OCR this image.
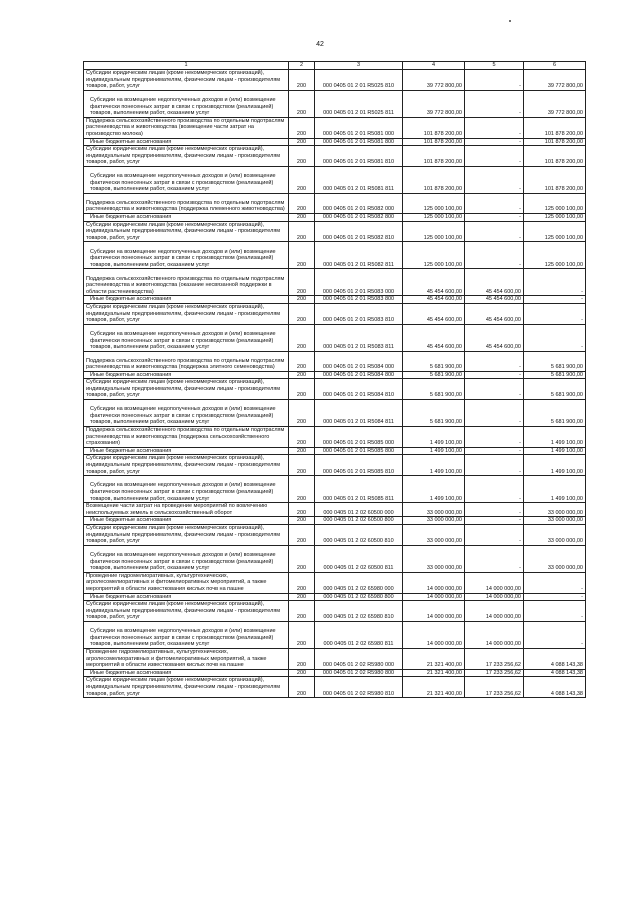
42
1	2	3	4	5	6
Субсидии юридическим лицам (кроме некоммерческих организаций), индивидуальным предпринимателям, физическим лицам - производителям товаров, работ, услуг	200	000 0405 01 2 01 R5025 810	39 772 800,00	-	39 772 800,00
Субсидии на возмещение недополученных доходов и (или) возмещение фактически понесенных затрат в связи с производством (реализацией) товаров, выполнением работ, оказанием услуг	200	000 0405 01 2 01 R5025 811	39 772 800,00	-	39 772 800,00
Поддержка сельскохозяйственного производства по отдельным подотраслям растениеводства и животноводства (возмещение части затрат на производство молока)	200	000 0405 01 2 01 R5081 000	101 878 200,00	-	101 878 200,00
Иные бюджетные ассигнования	200	000 0405 01 2 01 R5081 800	101 878 200,00	-	101 878 200,00
Субсидии юридическим лицам (кроме некоммерческих организаций), индивидуальным предпринимателям, физическим лицам - производителям товаров, работ, услуг	200	000 0405 01 2 01 R5081 810	101 878 200,00	-	101 878 200,00
Субсидии на возмещение недополученных доходов и (или) возмещение фактически понесенных затрат в связи с производством (реализацией) товаров, выполнением работ, оказанием услуг	200	000 0405 01 2 01 R5081 811	101 878 200,00	-	101 878 200,00
Поддержка сельскохозяйственного производства по отдельным подотраслям растениеводства и животноводства (поддержка племенного животноводства)	200	000 0405 01 2 01 R5082 000	125 000 100,00	-	125 000 100,00
Иные бюджетные ассигнования	200	000 0405 01 2 01 R5082 800	125 000 100,00	-	125 000 100,00
Субсидии юридическим лицам (кроме некоммерческих организаций), индивидуальным предпринимателям, физическим лицам - производителям товаров, работ, услуг	200	000 0405 01 2 01 R5082 810	125 000 100,00	-	125 000 100,00
Субсидии на возмещение недополученных доходов и (или) возмещение фактически понесенных затрат в связи с производством (реализацией) товаров, выполнением работ, оказанием услуг	200	000 0405 01 2 01 R5082 811	125 000 100,00	-	125 000 100,00
Поддержка сельскохозяйственного производства по отдельным подотраслям растениеводства и животноводства (оказание несвязанной поддержки в области растениеводства)	200	000 0405 01 2 01 R5083 000	45 454 600,00	45 454 600,00	-
Иные бюджетные ассигнования	200	000 0405 01 2 01 R5083 800	45 454 600,00	45 454 600,00	-
Субсидии юридическим лицам (кроме некоммерческих организаций), индивидуальным предпринимателям, физическим лицам - производителям товаров, работ, услуг	200	000 0405 01 2 01 R5083 810	45 454 600,00	45 454 600,00	-
Субсидии на возмещение недополученных доходов и (или) возмещение фактически понесенных затрат в связи с производством (реализацией) товаров, выполнением работ, оказанием услуг	200	000 0405 01 2 01 R5083 811	45 454 600,00	45 454 600,00	-
Поддержка сельскохозяйственного производства по отдельным подотраслям растениеводства и животноводства (поддержка элитного семеноводства)	200	000 0405 01 2 01 R5084 000	5 681 900,00	-	5 681 900,00
Иные бюджетные ассигнования	200	000 0405 01 2 01 R5084 800	5 681 900,00	-	5 681 900,00
Субсидии юридическим лицам (кроме некоммерческих организаций), индивидуальным предпринимателям, физическим лицам - производителям товаров, работ, услуг	200	000 0405 01 2 01 R5084 810	5 681 900,00	-	5 681 900,00
Субсидии на возмещение недополученных доходов и (или) возмещение фактически понесенных затрат в связи с производством (реализацией) товаров, выполнением работ, оказанием услуг	200	000 0405 01 2 01 R5084 811	5 681 900,00	-	5 681 900,00
Поддержка сельскохозяйственного производства по отдельным подотраслям растениеводства и животноводства (поддержка сельскохозяйственного страхования)	200	000 0405 01 2 01 R5085 000	1 499 100,00	-	1 499 100,00
Иные бюджетные ассигнования	200	000 0405 01 2 01 R5085 800	1 499 100,00	-	1 499 100,00
Субсидии юридическим лицам (кроме некоммерческих организаций), индивидуальным предпринимателям, физическим лицам - производителям товаров, работ, услуг	200	000 0405 01 2 01 R5085 810	1 499 100,00	-	1 499 100,00
Субсидии на возмещение недополученных доходов и (или) возмещение фактически понесенных затрат в связи с производством (реализацией) товаров, выполнением работ, оказанием услуг	200	000 0405 01 2 01 R5085 811	1 499 100,00	-	1 499 100,00
Возмещение части затрат на проведение мероприятий по вовлечению неиспользуемых земель в сельскохозяйственный оборот	200	000 0405 01 2 02 60500 000	33 000 000,00	-	33 000 000,00
Иные бюджетные ассигнования	200	000 0405 01 2 02 60500 800	33 000 000,00	-	33 000 000,00
Субсидии юридическим лицам (кроме некоммерческих организаций), индивидуальным предпринимателям, физическим лицам - производителям товаров, работ, услуг	200	000 0405 01 2 02 60500 810	33 000 000,00	-	33 000 000,00
Субсидии на возмещение недополученных доходов и (или) возмещение фактически понесенных затрат в связи с производством (реализацией) товаров, выполнением работ, оказанием услуг	200	000 0405 01 2 02 60500 811	33 000 000,00	-	33 000 000,00
Проведение гидромелиоративных, культуртехнических, агролесомелиоративных и фитомелиоративных мероприятий, а также мероприятий в области известкования кислых почв на пашне	200	000 0405 01 2 02 65980 000	14 000 000,00	14 000 000,00	-
Иные бюджетные ассигнования	200	000 0405 01 2 02 65980 800	14 000 000,00	14 000 000,00	-
Субсидии юридическим лицам (кроме некоммерческих организаций), индивидуальным предпринимателям, физическим лицам - производителям товаров, работ, услуг	200	000 0405 01 2 02 65980 810	14 000 000,00	14 000 000,00	-
Субсидии на возмещение недополученных доходов и (или) возмещение фактически понесенных затрат в связи с производством (реализацией) товаров, выполнением работ, оказанием услуг	200	000 0405 01 2 02 65980 811	14 000 000,00	14 000 000,00	-
Проведение гидромелиоративных, культуртехнических, агролесомелиоративных и фитомелиоративных мероприятий, а также мероприятий в области известкования кислых почв на пашне	200	000 0405 01 2 02 R5980 000	21 321 400,00	17 233 256,62	4 088 143,38
Иные бюджетные ассигнования	200	000 0405 01 2 02 R5980 800	21 321 400,00	17 233 256,62	4 088 143,38
Субсидии юридическим лицам (кроме некоммерческих организаций), индивидуальным предпринимателям, физическим лицам - производителям товаров, работ, услуг	200	000 0405 01 2 02 R5980 810	21 321 400,00	17 233 256,62	4 088 143,38
